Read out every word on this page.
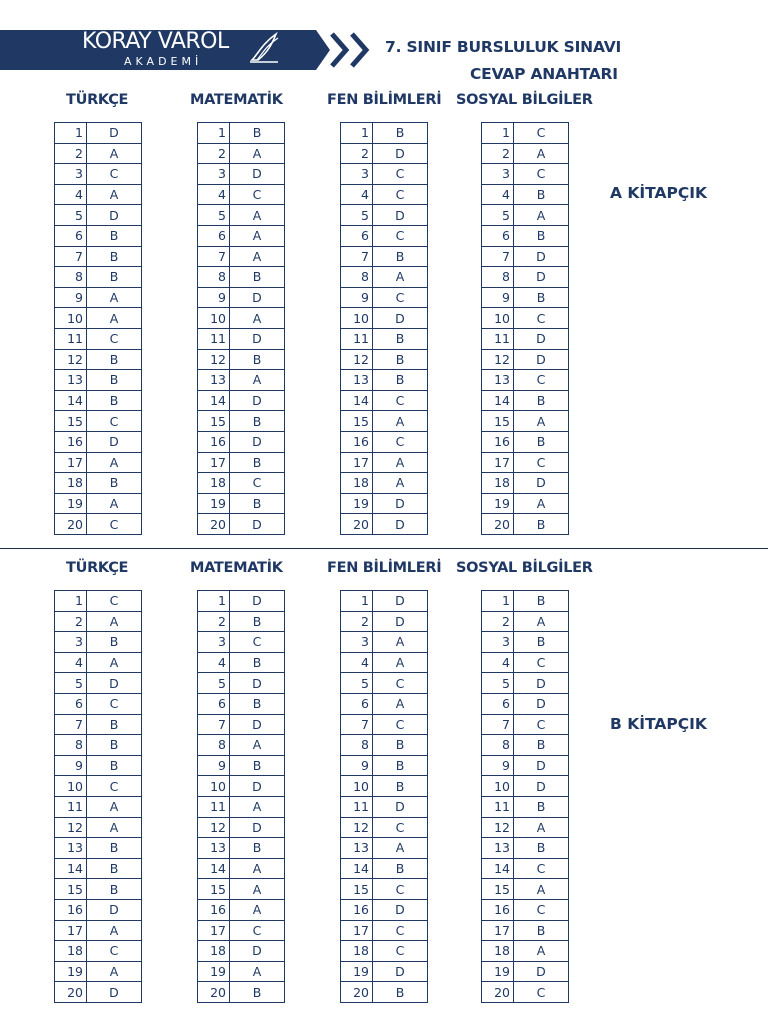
KORAY VAROL
AKADEMİ
7. SINIF BURSLULUK SINAVI
CEVAP ANAHTARI
TÜRKÇE	MATEMATİK	FEN BİLİMLERİ SOSYAL BİLGİLER
1	D
2	A
3	C
4	A
5	D
6	B
7	B
8	B
9	A
10	A
11	C
12	B
13	B
14	B
15	C
16	D
17	A
18	B
19	A
20	C
1	B
2	A
3	D
4	C
5	A
6	A
7	A
8	B
9	D
10	A
11	D
12	B
13	A
14	D
15	B
16	D
17	B
18	C
19	B
20	D
1	B
2	D
3	C
4	C
5	D
6	C
7	B
8	A
9	C
10	D
11	B
12	B
13	B
14	C
15	A
16	C
17	A
18	A
19	D
20	D
1	C
2	A
3	C
4	B
5	A
6	B
7	D
8	D
9	B
10	C
11	D
12	D
13	C
14	B
15	A
16	B
17	C
18	D
19	A
20	B
A KİTAPÇIK
TÜRKÇE	MATEMATİK	FEN BİLİMLERİ SOSYAL BİLGİLER
1	C
2	A
3	B
4	A
5	D
6	C
7	B
8	B
9	B
10	C
11	A
12	A
13	B
14	B
15	B
16	D
17	A
18	C
19	A
20	D
1	D
2	B
3	C
4	B
5	D
6	B
7	D
8	A
9	B
10	D
11	A
12	D
13	B
14	A
15	A
16	A
17	C
18	D
19	A
20	B
1	D
2	D
3	A
4	A
5	C
6	A
7	C
8	B
9	B
10	B
11	D
12	C
13	A
14	B
15	C
16	D
17	C
18	C
19	D
20	B
1	B
2	A
3	B
4	C
5	D
6	D
7	C
8	B
9	D
10	D
11	B
12	A
13	B
14	C
15	A
16	C
17	B
18	A
19	D
20	C
B KİTAPÇIK
